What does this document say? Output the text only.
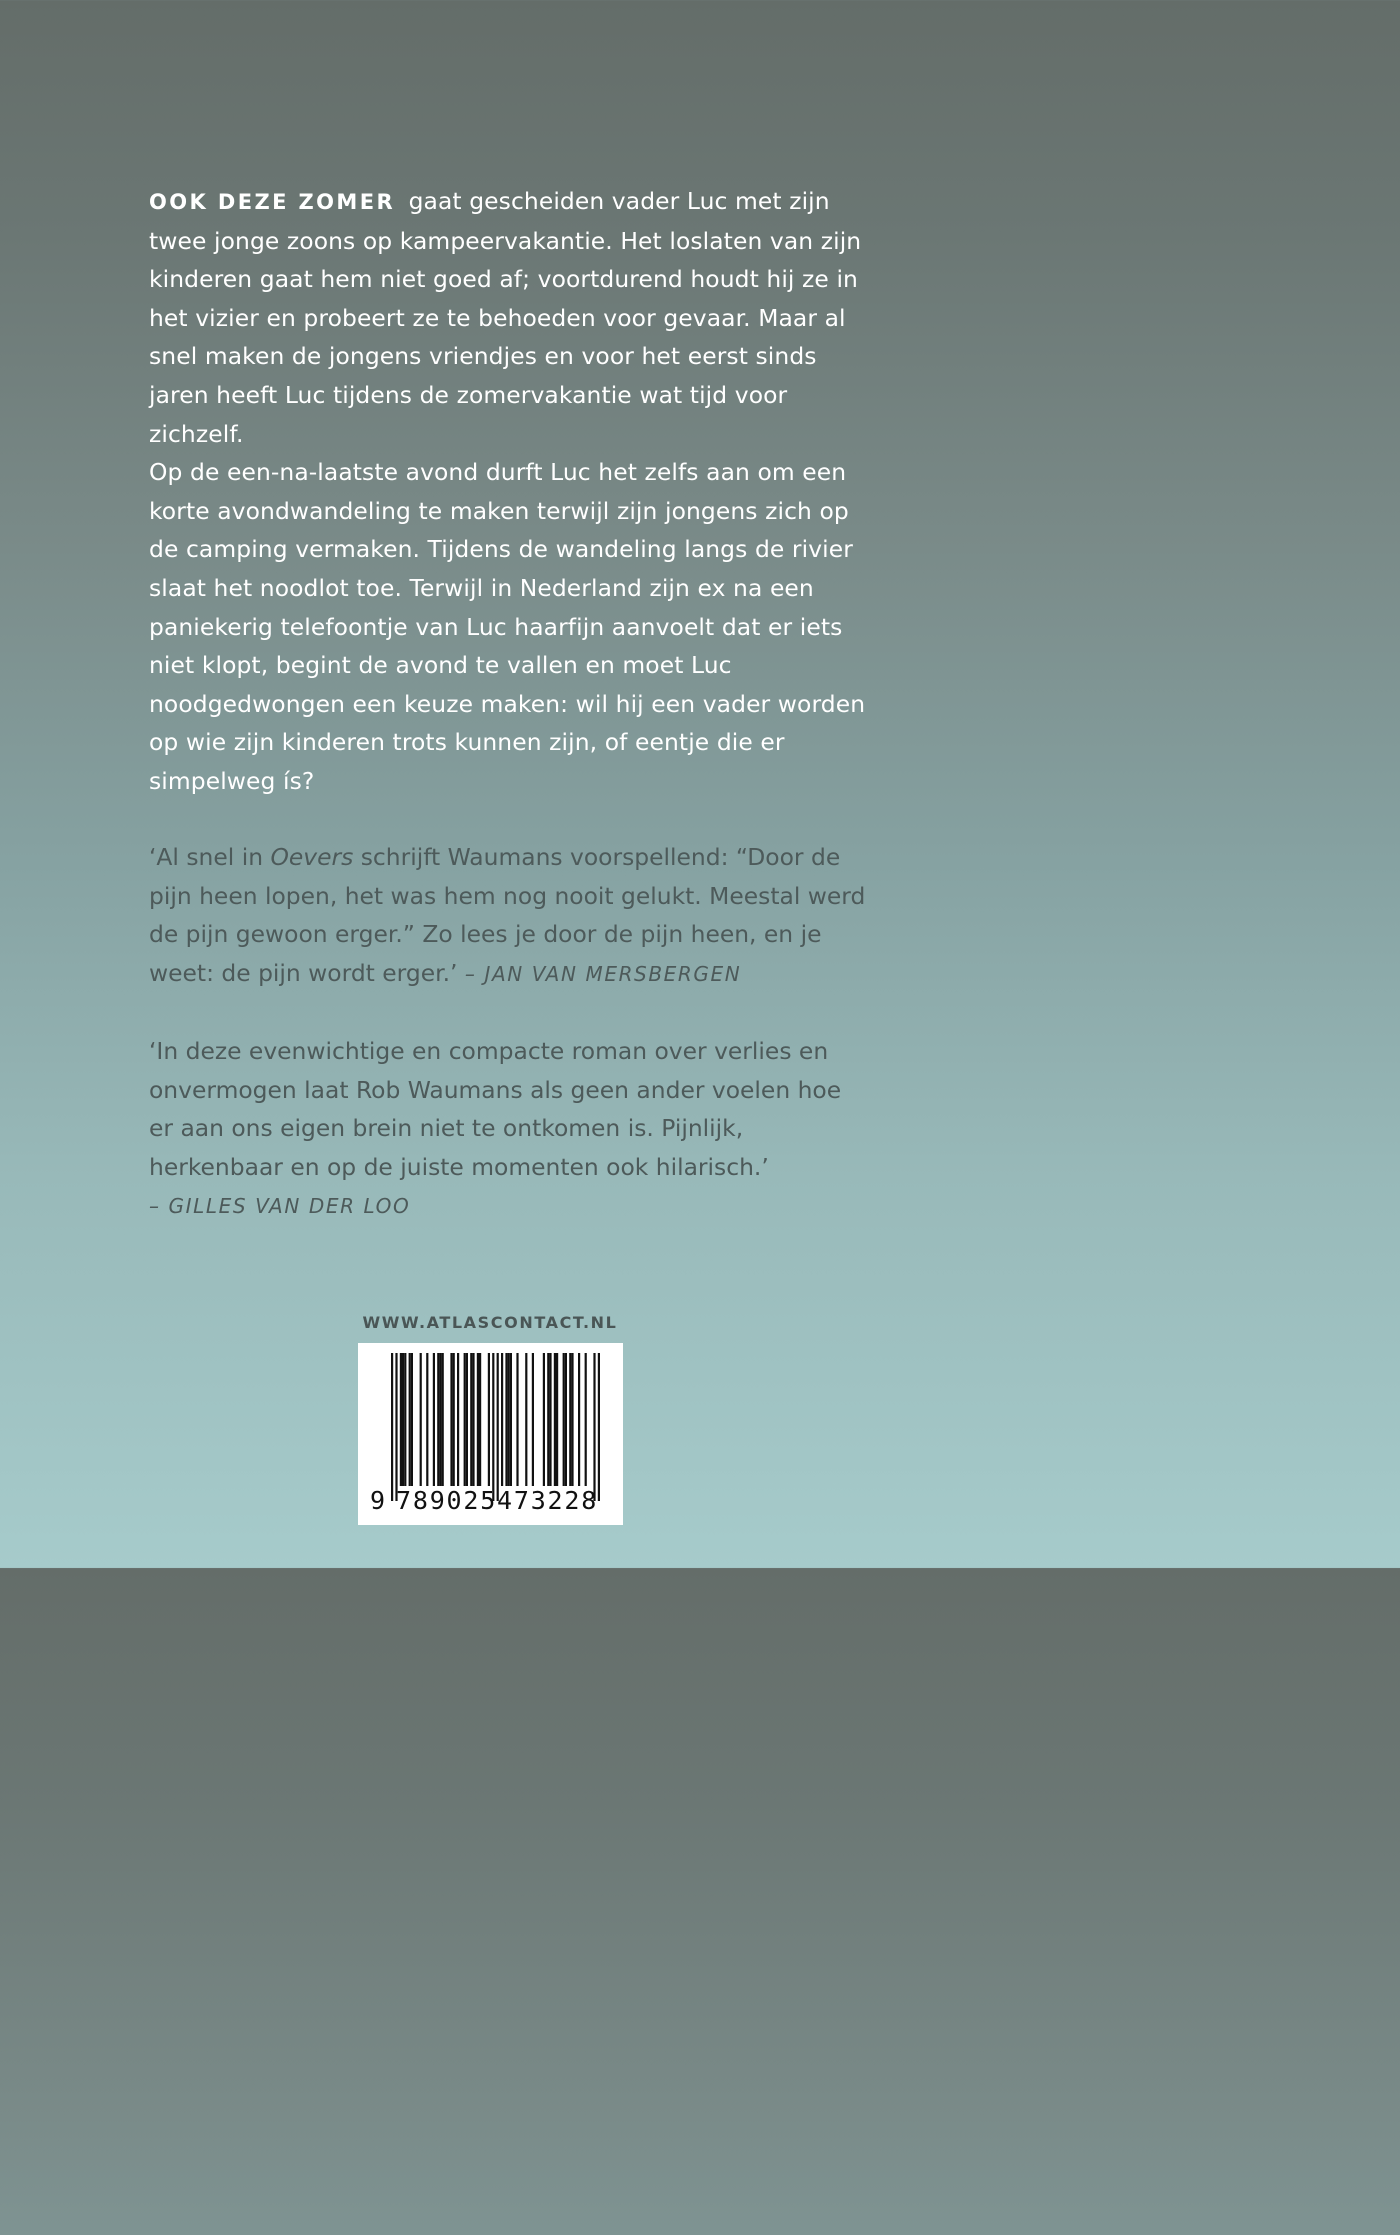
OOK DEZE ZOMER gaat gescheiden vader Luc met zijn twee jonge zoons op kampeervakantie. Het loslaten van zijn kinderen gaat hem niet goed af; voortdurend houdt hij ze in het vizier en probeert ze te behoeden voor gevaar. Maar al snel maken de jongens vriendjes en voor het eerst sinds jaren heeft Luc tijdens de zomervakantie wat tijd voor zichzelf.

Op de een-na-laatste avond durft Luc het zelfs aan om een korte avondwandeling te maken terwijl zijn jongens zich op de camping vermaken. Tijdens de wandeling langs de rivier slaat het noodlot toe. Terwijl in Nederland zijn ex na een paniekerig telefoontje van Luc haarfijn aanvoelt dat er iets niet klopt, begint de avond te vallen en moet Luc noodgedwongen een keuze maken: wil hij een vader worden op wie zijn kinderen trots kunnen zijn, of eentje die er simpelweg ís?

‘Al snel in Oevers schrijft Waumans voorspellend: “Door de pijn heen lopen, het was hem nog nooit gelukt. Meestal werd de pijn gewoon erger.” Zo lees je door de pijn heen, en je weet: de pijn wordt erger.’ – JAN VAN MERSBERGEN
‘In deze evenwichtige en compacte roman over verlies en onvermogen laat Rob Waumans als geen ander voelen hoe er aan ons eigen brein niet te ontkomen is. Pijnlijk, herkenbaar en op de juiste momenten ook hilarisch.’
– GILLES VAN DER LOO
WWW.ATLASCONTACT.NL
9 789025 473228
